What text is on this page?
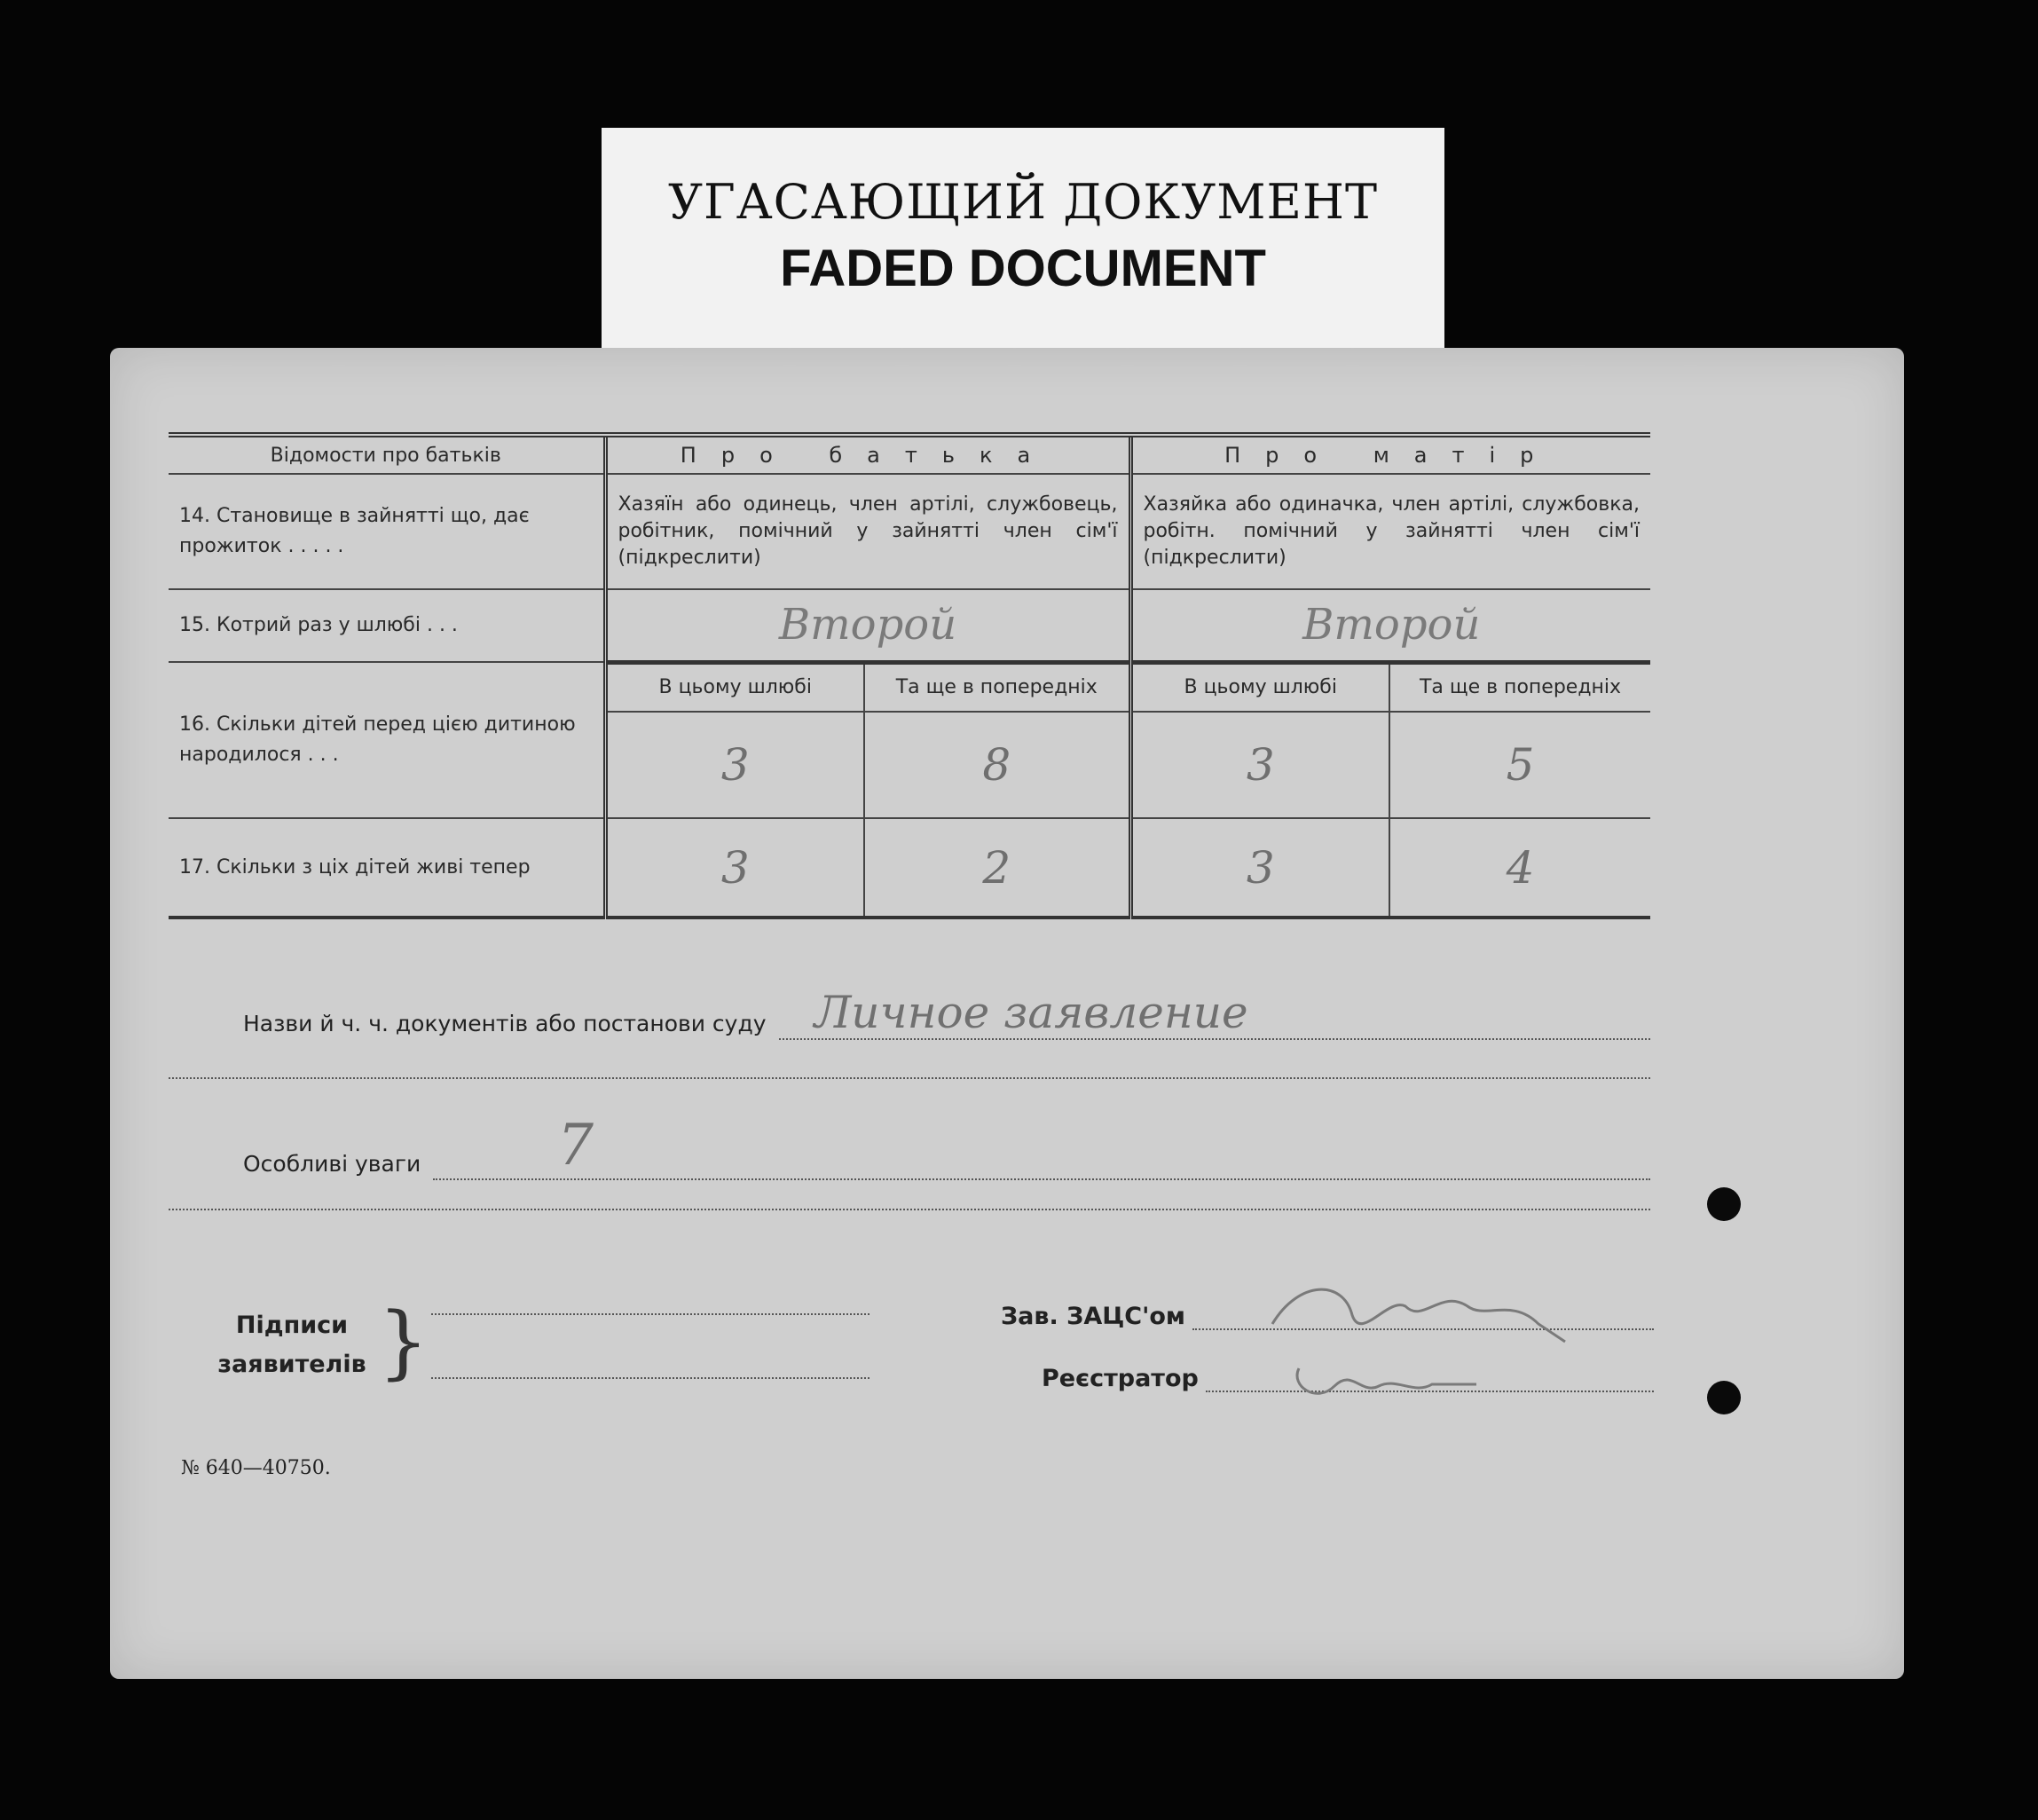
УГАСАЮЩИЙ ДОКУМЕНТ
FADED DOCUMENT
Відомости про батьків	Про батька		Про матір	
14. Становище в зайнятті що, дає прожиток . . . . .	Хазяїн або одинець, член артілі, службовець, робітник, помічний у зайнятті член сім'ї (підкреслити)		Хазяйка або одиначка, член артілі, службовка, робітн. помічний у зайнятті член сім'ї (підкреслити)	
15. Котрий раз у шлюбі . . .	Второй		Второй	
16. Скільки дітей перед цією дитиною народилося . . .	В цьому шлюбі	Та ще в попередніх	В цьому шлюбі	Та ще в попередніх
	3	8	3	5
17. Скільки з ціх дітей живі тепер	3	2	3	4
Назви й ч. ч. документів або постанови суду	Личное заявление
Особливі уваги	7
Підписи
заявителів }	Зав. ЗАЦС'ом
Реєстратор
№ 640—40750.
